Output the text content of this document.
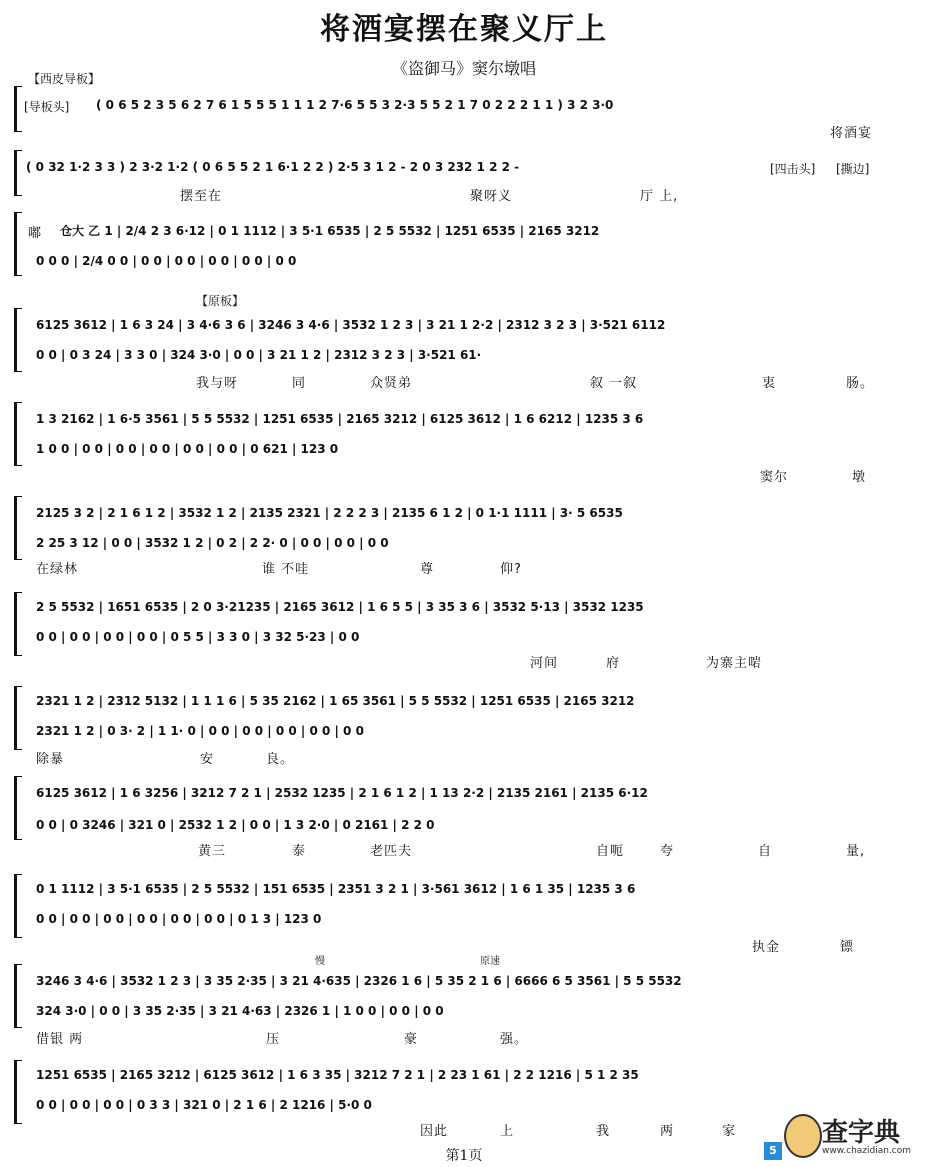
将酒宴摆在聚义厅上
《盗御马》窦尔墩唱
【西皮导板】
[导板头] ( 0 6 5 2 3 5 6 2 7 6 1 5 5 5 1 1 1 2 7·6 5 5 3 2·3 5 5 2 1 7 0 2 2 2 1 1 ) 3 2 3·0
将酒宴
( 0 32 1·2 3 3 ) 2 3·2 1·2 ( 0 6 5 5 2 1 6·1 2 2 ) 2·5 3 1 2 - 2 0 3 232 1 2 2 -	[四击头] [撕边]
摆至在	聚呀义	厅 上,
嘟 仓大 乙 1 | 2/4 2 3 6·12 | 0 1 1112 | 3 5·1 6535 | 2 5 5532 | 1251 6535 | 2165 3212
0 0 0 | 2/4 0 0 | 0 0 | 0 0 | 0 0 | 0 0 | 0 0
【原板】
6125 3612 | 1 6 3 24 | 3 4·6 3 6 | 3246 3 4·6 | 3532 1 2 3 | 3 21 1 2·2 | 2312 3 2 3 | 3·521 6112
0 0 | 0 3 24 | 3 3 0 | 324 3·0 | 0 0 | 3 21 1 2 | 2312 3 2 3 | 3·521 61·
我与呀	同	众贤弟	叙 一叙	衷	肠。
1 3 2162 | 1 6·5 3561 | 5 5 5532 | 1251 6535 | 2165 3212 | 6125 3612 | 1 6 6212 | 1235 3 6
1 0 0 | 0 0 | 0 0 | 0 0 | 0 0 | 0 0 | 0 621 | 123 0
窦尔	墩
2125 3 2 | 2 1 6 1 2 | 3532 1 2 | 2135 2321 | 2 2 2 3 | 2135 6 1 2 | 0 1·1 1111 | 3· 5 6535
2 25 3 12 | 0 0 | 3532 1 2 | 0 2 | 2 2· 0 | 0 0 | 0 0 | 0 0
在绿林	谁 不哇	尊	仰?
2 5 5532 | 1651 6535 | 2 0 3·21235 | 2165 3612 | 1 6 5 5 | 3 35 3 6 | 3532 5·13 | 3532 1235
0 0 | 0 0 | 0 0 | 0 0 | 0 5 5 | 3 3 0 | 3 32 5·23 | 0 0
河间	府	为寨主啱
2321 1 2 | 2312 5132 | 1 1 1 6 | 5 35 2162 | 1 65 3561 | 5 5 5532 | 1251 6535 | 2165 3212
2321 1 2 | 0 3· 2 | 1 1· 0 | 0 0 | 0 0 | 0 0 | 0 0 | 0 0
除暴	安	良。
6125 3612 | 1 6 3256 | 3212 7 2 1 | 2532 1235 | 2 1 6 1 2 | 1 13 2·2 | 2135 2161 | 2135 6·12
0 0 | 0 3246 | 321 0 | 2532 1 2 | 0 0 | 1 3 2·0 | 0 2161 | 2 2 0
黄三	泰	老匹夫	自呃	夸	自	量,
0 1 1112 | 3 5·1 6535 | 2 5 5532 | 151 6535 | 2351 3 2 1 | 3·561 3612 | 1 6 1 35 | 1235 3 6
0 0 | 0 0 | 0 0 | 0 0 | 0 0 | 0 0 | 0 1 3 | 123 0
执金	镖
慢	原速
3246 3 4·6 | 3532 1 2 3 | 3 35 2·35 | 3 21 4·635 | 2326 1 6 | 5 35 2 1 6 | 6666 6 5 3561 | 5 5 5532
324 3·0 | 0 0 | 3 35 2·35 | 3 21 4·63 | 2326 1 | 1 0 0 | 0 0 | 0 0
借银 两	压	豪	强。
1251 6535 | 2165 3212 | 6125 3612 | 1 6 3 35 | 3212 7 2 1 | 2 23 1 61 | 2 2 1216 | 5 1 2 35
0 0 | 0 0 | 0 0 | 0 3 3 | 321 0 | 2 1 6 | 2 1216 | 5·0 0
因此	上	我	两	家
第1页	5
查字典
www.chazidian.com
